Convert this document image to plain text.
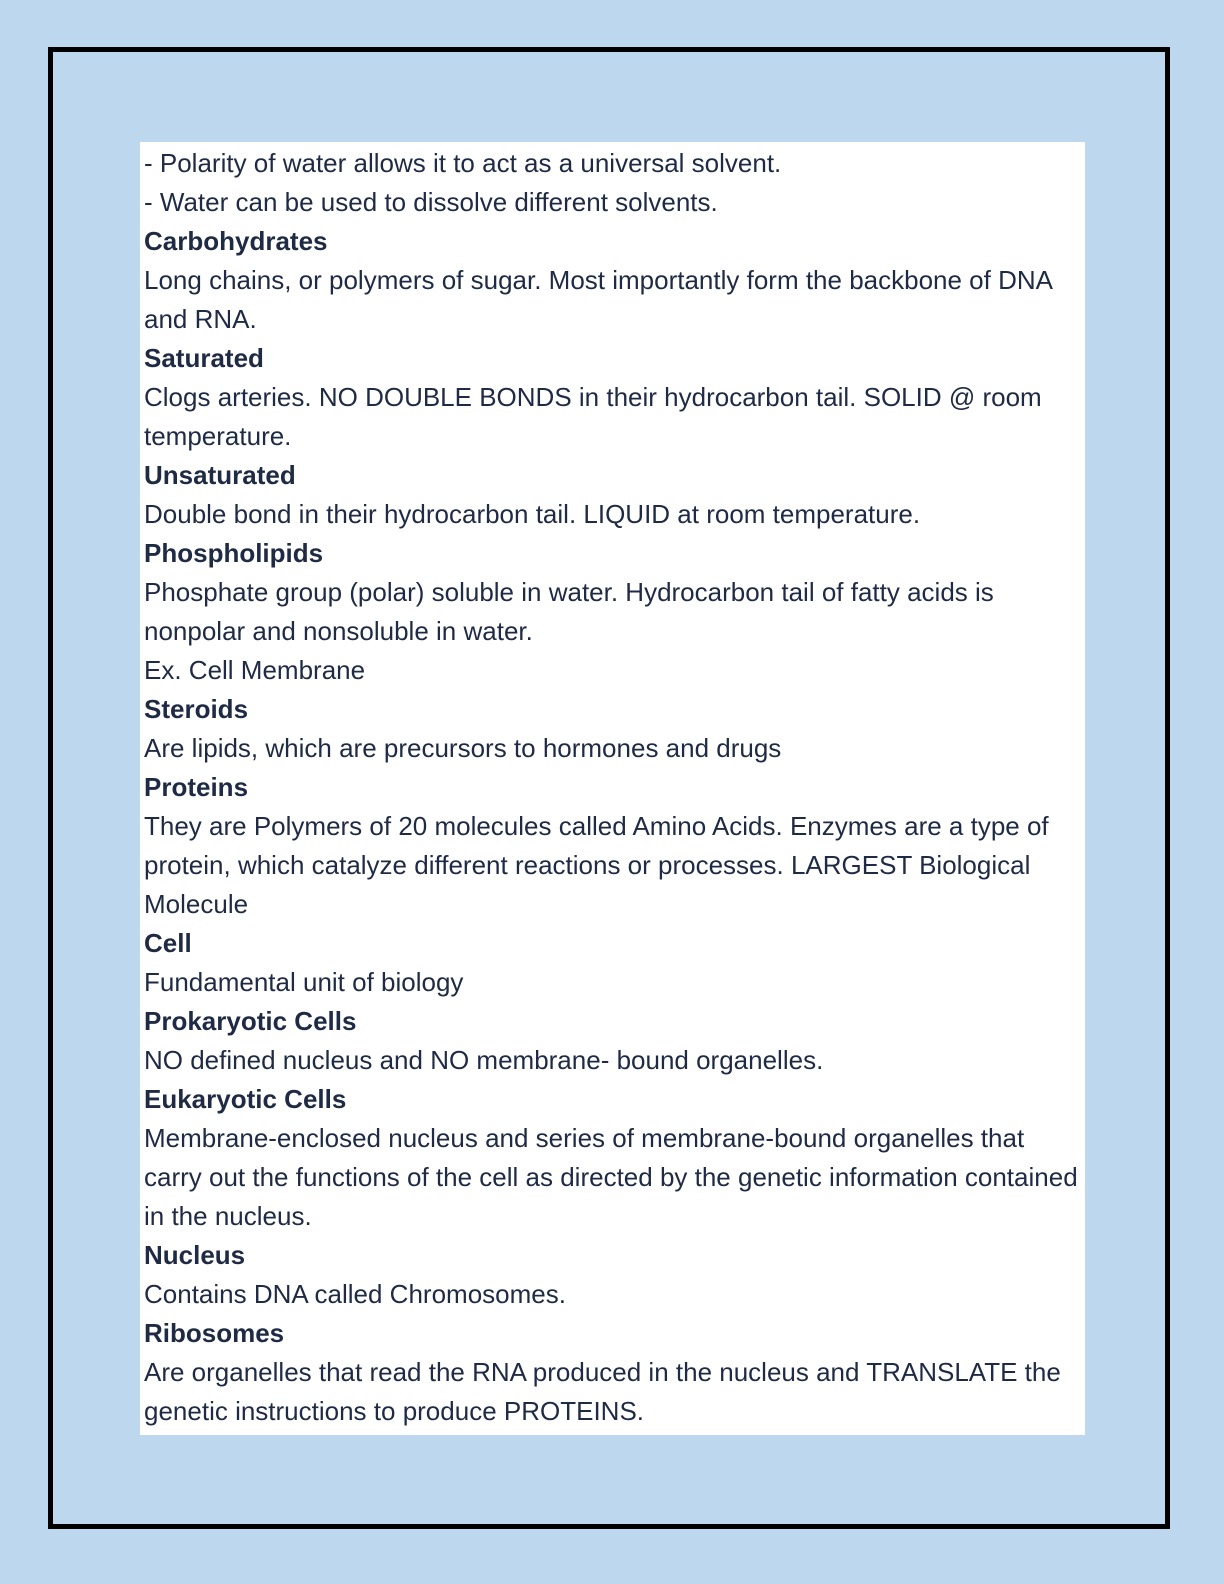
- Polarity of water allows it to act as a universal solvent.
- Water can be used to dissolve different solvents.
Carbohydrates
Long chains, or polymers of sugar. Most importantly form the backbone of DNA and RNA.
Saturated
Clogs arteries. NO DOUBLE BONDS in their hydrocarbon tail. SOLID @ room temperature.
Unsaturated
Double bond in their hydrocarbon tail. LIQUID at room temperature.
Phospholipids
Phosphate group (polar) soluble in water. Hydrocarbon tail of fatty acids is nonpolar and nonsoluble in water.
Ex. Cell Membrane
Steroids
Are lipids, which are precursors to hormones and drugs
Proteins
They are Polymers of 20 molecules called Amino Acids. Enzymes are a type of protein, which catalyze different reactions or processes. LARGEST Biological Molecule
Cell
Fundamental unit of biology
Prokaryotic Cells
NO defined nucleus and NO membrane- bound organelles.
Eukaryotic Cells
Membrane-enclosed nucleus and series of membrane-bound organelles that carry out the functions of the cell as directed by the genetic information contained in the nucleus.
Nucleus
Contains DNA called Chromosomes.
Ribosomes
Are organelles that read the RNA produced in the nucleus and TRANSLATE the genetic instructions to produce PROTEINS.
